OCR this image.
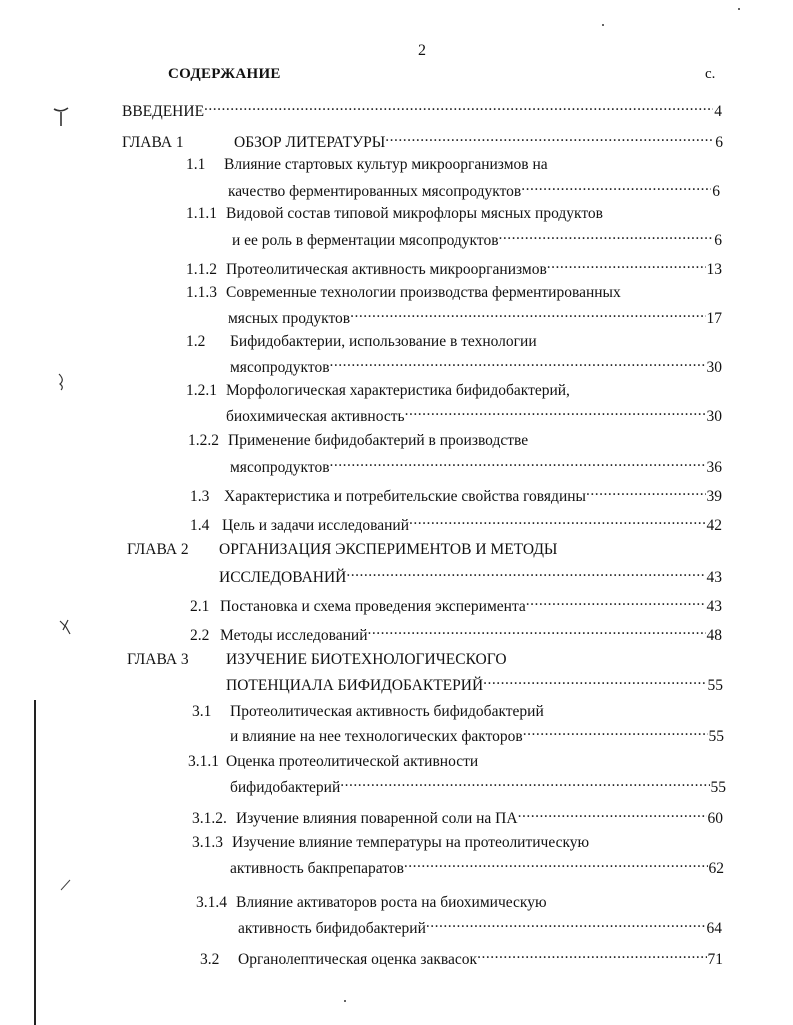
2
СОДЕРЖАНИЕ	с.
ВВЕДЕНИЕ .....	4
ГЛАВА 1	ОБЗОР ЛИТЕРАТУРЫ .....	6
1.1	Влияние стартовых культур микроорганизмов на
качество ферментированных мясопродуктов .....	6
1.1.1 Видовой состав типовой микрофлоры мясных продуктов
и ее роль в ферментации мясопродуктов .....	6
1.1.2 Протеолитическая активность микроорганизмов .....	13
1.1.3 Современные технологии производства ферментированных
мясных продуктов .....	17
1.2	Бифидобактерии, использование в технологии
мясопродуктов .....	30
1.2.1 Морфологическая характеристика бифидобактерий,
биохимическая активность .....	30
1.2.2 Применение бифидобактерий в производстве
мясопродуктов .....	36
1.3 Характеристика и потребительские свойства говядины .....	39
1.4 Цель и задачи исследований .....	42
ГЛАВА 2	ОРГАНИЗАЦИЯ ЭКСПЕРИМЕНТОВ И МЕТОДЫ
ИССЛЕДОВАНИЙ .....	43
2.1 Постановка и схема проведения эксперимента .....	43
2.2 Методы исследований .....	48
ГЛАВА 3	ИЗУЧЕНИЕ БИОТЕХНОЛОГИЧЕСКОГО
ПОТЕНЦИАЛА БИФИДОБАКТЕРИЙ .....	55
3.1	Протеолитическая активность бифидобактерий
и влияние на нее технологических факторов .....	55
3.1.1 Оценка протеолитической активности
бифидобактерий .....	55
3.1.2. Изучение влияния поваренной соли на ПА .....	60
3.1.3 Изучение влияние температуры на протеолитическую
активность бакпрепаратов .....	62
3.1.4 Влияние активаторов роста на биохимическую
активность бифидобактерий .....	64
3.2	Органолептическая оценка заквасок .....	71
